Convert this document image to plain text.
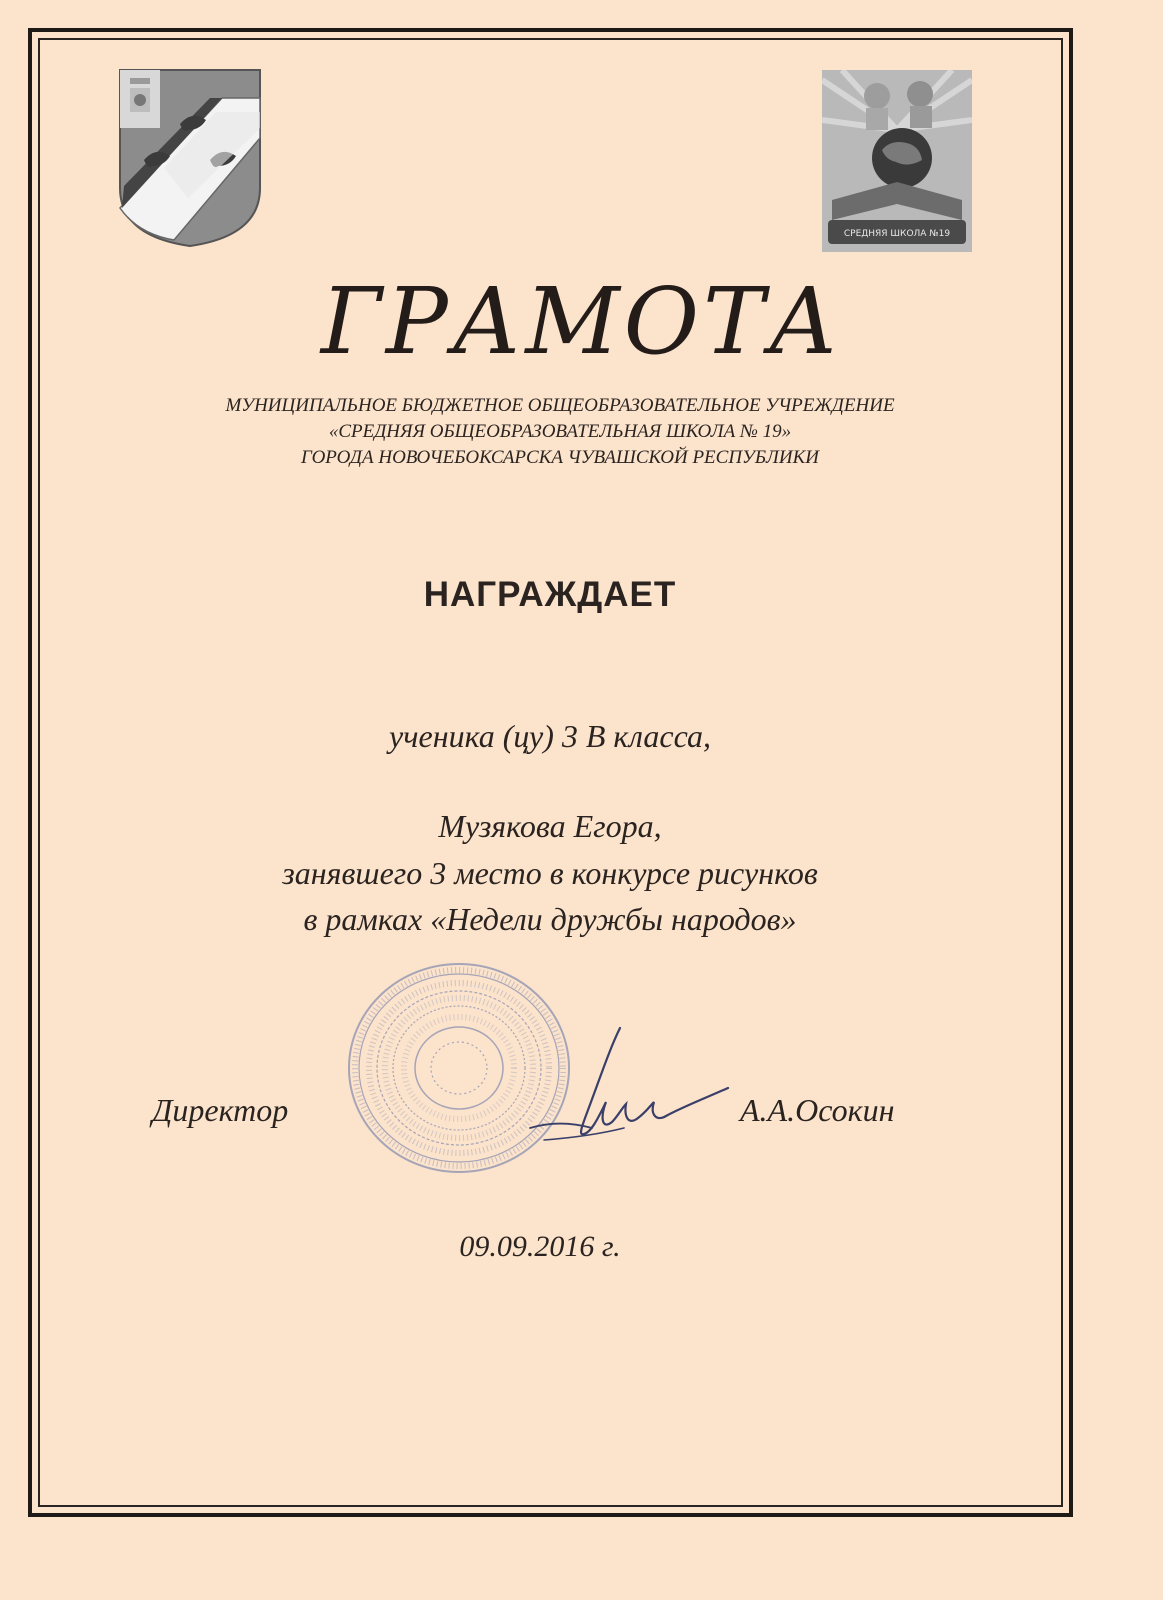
СРЕДНЯЯ ШКОЛА №19
ГРАМОТА
МУНИЦИПАЛЬНОЕ БЮДЖЕТНОЕ ОБЩЕОБРАЗОВАТЕЛЬНОЕ УЧРЕЖДЕНИЕ
«СРЕДНЯЯ ОБЩЕОБРАЗОВАТЕЛЬНАЯ ШКОЛА № 19»
ГОРОДА НОВОЧЕБОКСАРСКА ЧУВАШСКОЙ РЕСПУБЛИКИ
НАГРАЖДАЕТ
ученика (цу) 3 В класса,
Музякова Егора,
занявшего 3 место в конкурсе рисунков
в рамках «Недели дружбы народов»
Директор	А.А.Осокин
09.09.2016 г.
